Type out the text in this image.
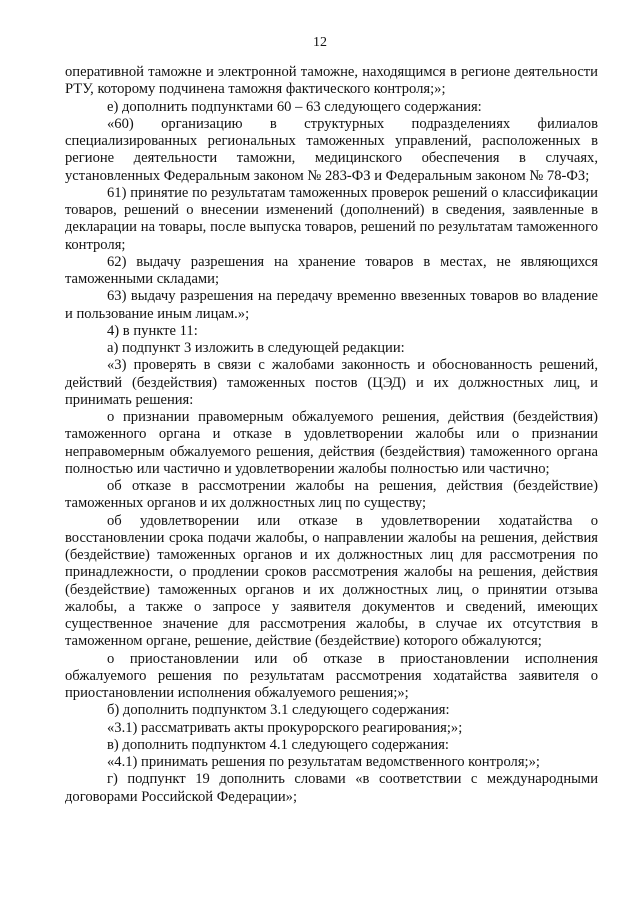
12

оперативной таможне и электронной таможне, находящимся в регионе деятельности РТУ, которому подчинена таможня фактического контроля;»;

е) дополнить подпунктами 60 – 63 следующего содержания:

«60) организацию в структурных подразделениях филиалов специализированных региональных таможенных управлений, расположенных в регионе деятельности таможни, медицинского обеспечения в случаях, установленных Федеральным законом № 283-ФЗ и Федеральным законом № 78-ФЗ;

61) принятие по результатам таможенных проверок решений о классификации товаров, решений о внесении изменений (дополнений) в сведения, заявленные в декларации на товары, после выпуска товаров, решений по результатам таможенного контроля;

62) выдачу разрешения на хранение товаров в местах, не являющихся таможенными складами;

63) выдачу разрешения на передачу временно ввезенных товаров во владение и пользование иным лицам.»;

4) в пункте 11:

а) подпункт 3 изложить в следующей редакции:

«3) проверять в связи с жалобами законность и обоснованность решений, действий (бездействия) таможенных постов (ЦЭД) и их должностных лиц, и принимать решения:

о признании правомерным обжалуемого решения, действия (бездействия) таможенного органа и отказе в удовлетворении жалобы или о признании неправомерным обжалуемого решения, действия (бездействия) таможенного органа полностью или частично и удовлетворении жалобы полностью или частично;

об отказе в рассмотрении жалобы на решения, действия (бездействие) таможенных органов и их должностных лиц по существу;

об удовлетворении или отказе в удовлетворении ходатайства о восстановлении срока подачи жалобы, о направлении жалобы на решения, действия (бездействие) таможенных органов и их должностных лиц для рассмотрения по принадлежности, о продлении сроков рассмотрения жалобы на решения, действия (бездействие) таможенных органов и их должностных лиц, о принятии отзыва жалобы, а также о запросе у заявителя документов и сведений, имеющих существенное значение для рассмотрения жалобы, в случае их отсутствия в таможенном органе, решение, действие (бездействие) которого обжалуются;

о приостановлении или об отказе в приостановлении исполнения обжалуемого решения по результатам рассмотрения ходатайства заявителя о приостановлении исполнения обжалуемого решения;»;

б) дополнить подпунктом 3.1 следующего содержания:

«3.1) рассматривать акты прокурорского реагирования;»;

в) дополнить подпунктом 4.1 следующего содержания:

«4.1) принимать решения по результатам ведомственного контроля;»;

г) подпункт 19 дополнить словами «в соответствии с международными договорами Российской Федерации»;
